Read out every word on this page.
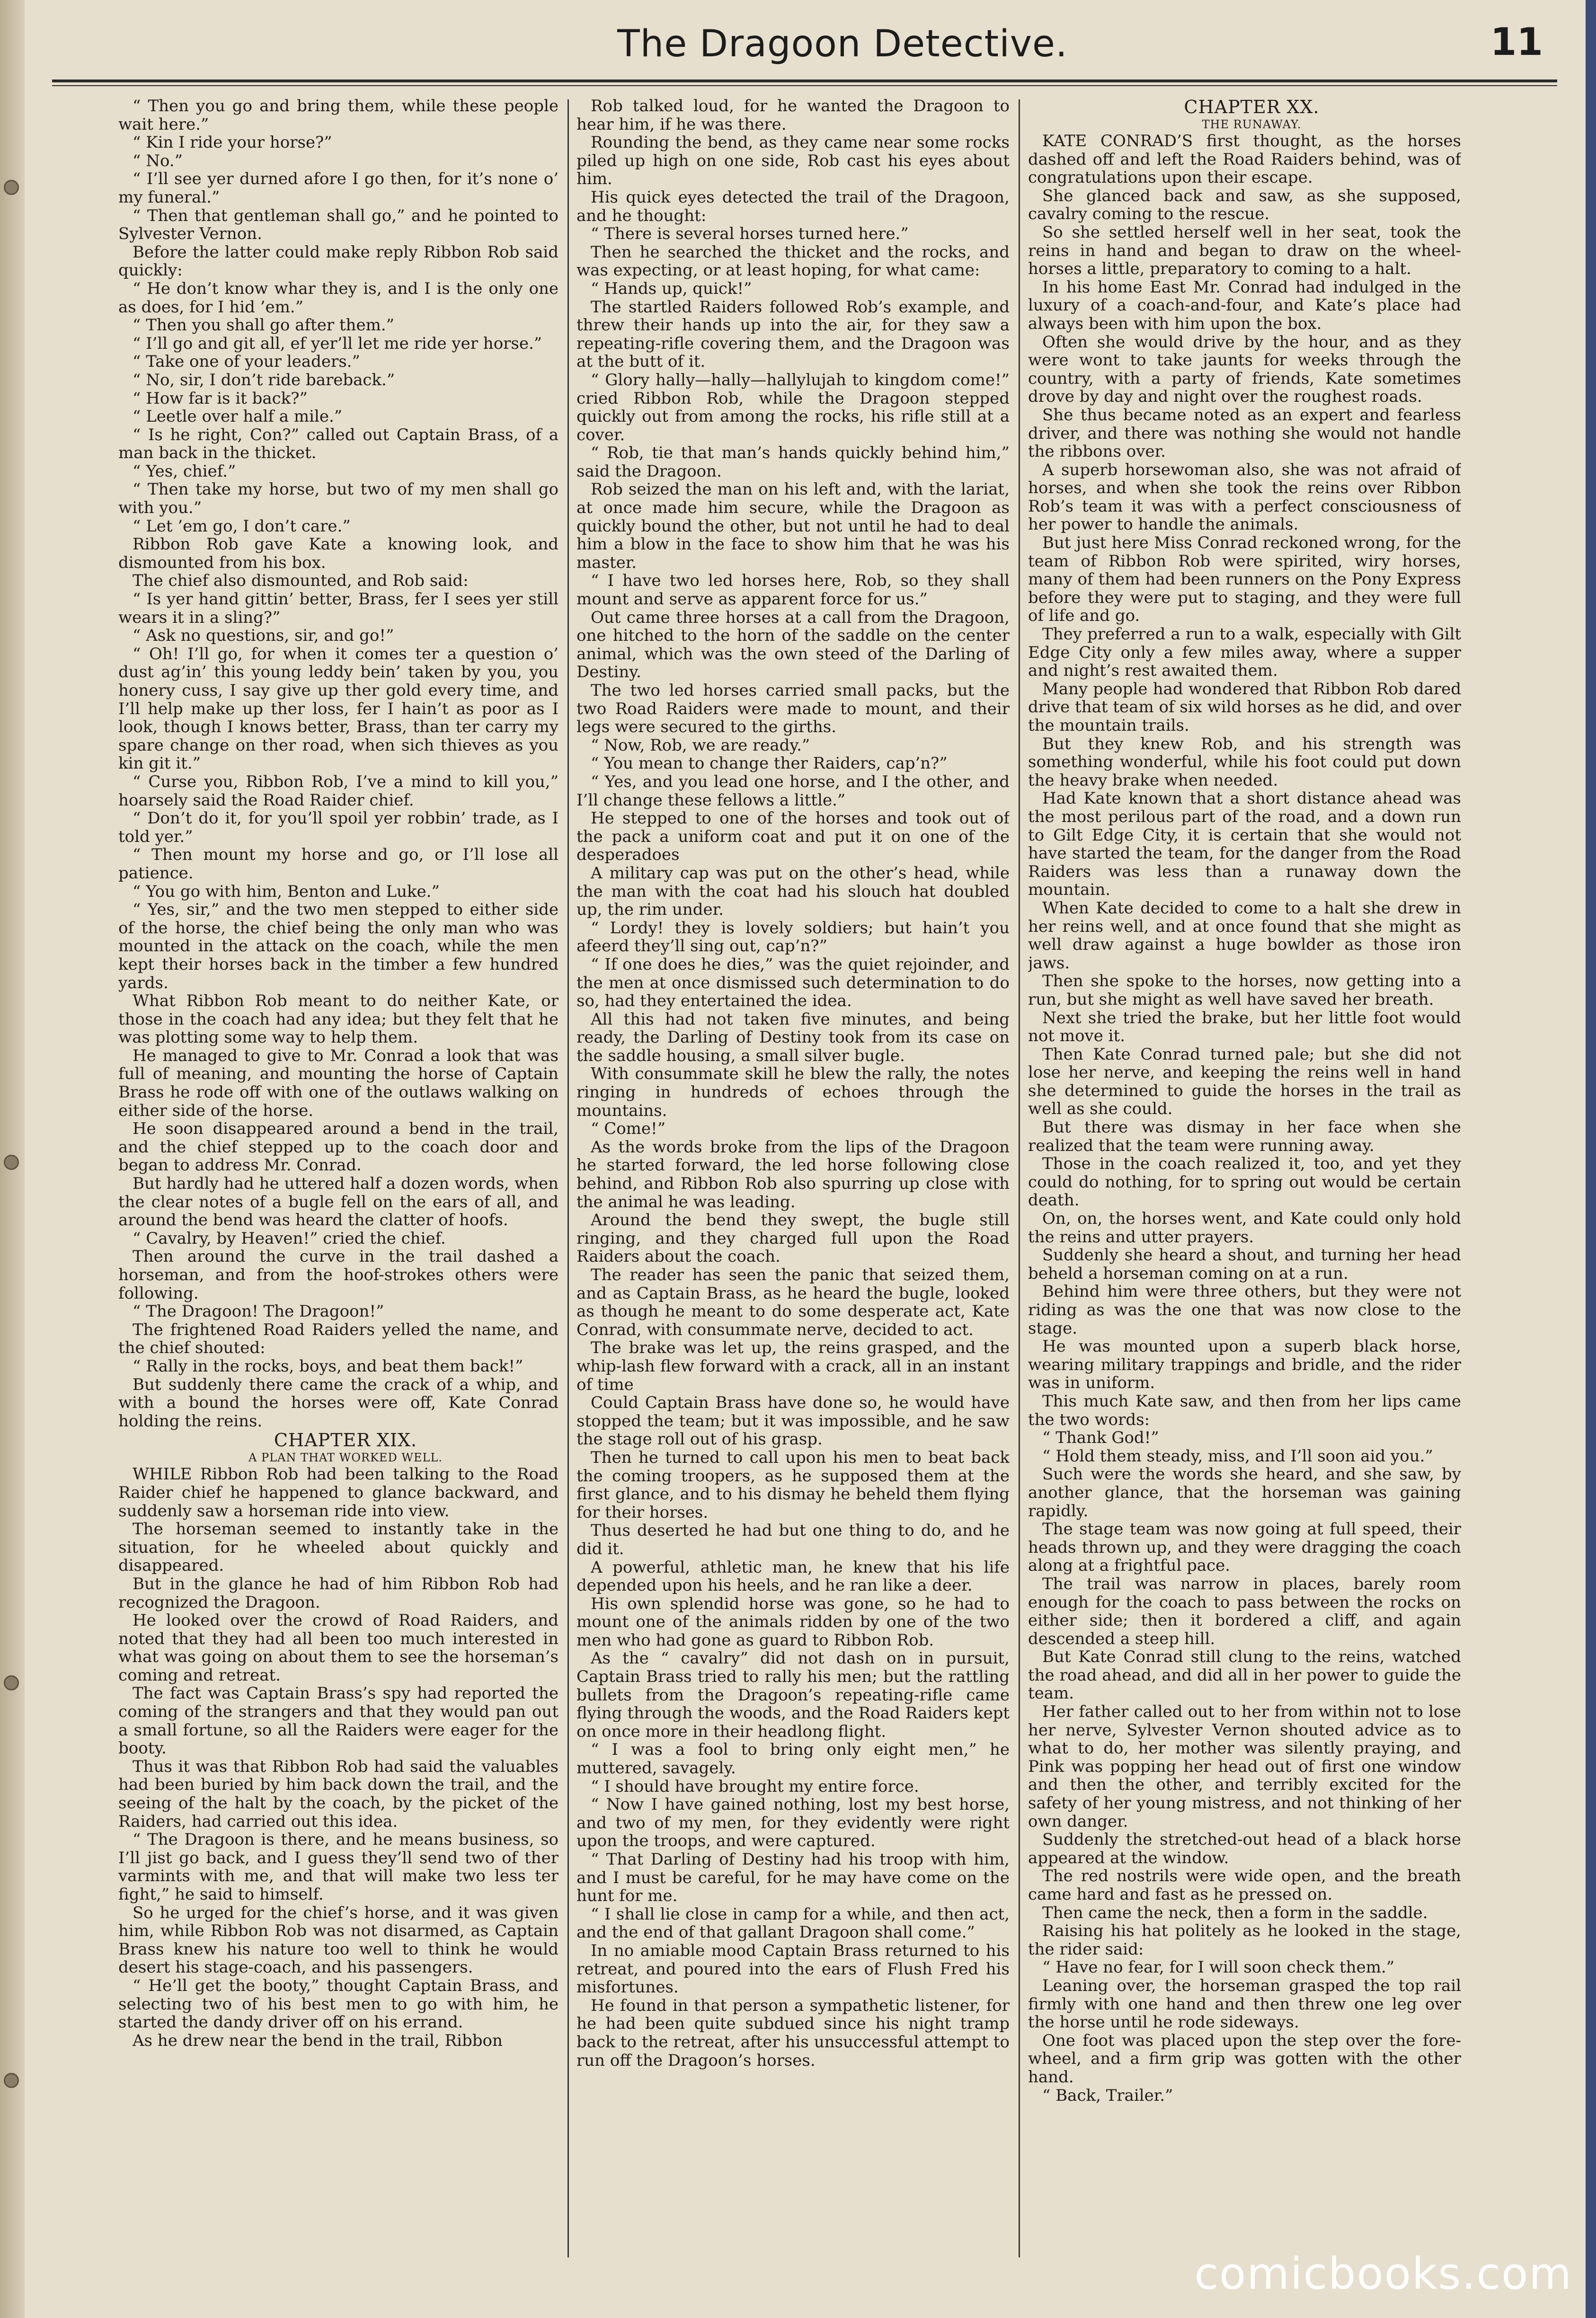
The Dragoon Detective.	11

“ Then you go and bring them, while these people wait here.”

“ Kin I ride your horse?”

“ No.”

“ I’ll see yer durned afore I go then, for it’s none o’ my funeral.”

“ Then that gentleman shall go,” and he pointed to Sylvester Vernon.

Before the latter could make reply Ribbon Rob said quickly:

“ He don’t know whar they is, and I is the only one as does, for I hid ’em.”

“ Then you shall go after them.”

“ I’ll go and git all, ef yer’ll let me ride yer horse.”

“ Take one of your leaders.”

“ No, sir, I don’t ride bareback.”

“ How far is it back?”

“ Leetle over half a mile.”

“ Is he right, Con?” called out Captain Brass, of a man back in the thicket.

“ Yes, chief.”

“ Then take my horse, but two of my men shall go with you.”

“ Let ’em go, I don’t care.”

Ribbon Rob gave Kate a knowing look, and dismounted from his box.

The chief also dismounted, and Rob said:

“ Is yer hand gittin’ better, Brass, fer I sees yer still wears it in a sling?”

“ Ask no questions, sir, and go!”

“ Oh! I’ll go, for when it comes ter a question o’ dust ag’in’ this young leddy bein’ taken by you, you honery cuss, I say give up ther gold every time, and I’ll help make up ther loss, fer I hain’t as poor as I look, though I knows better, Brass, than ter carry my spare change on ther road, when sich thieves as you kin git it.”

“ Curse you, Ribbon Rob, I’ve a mind to kill you,” hoarsely said the Road Raider chief.

“ Don’t do it, for you’ll spoil yer robbin’ trade, as I told yer.”

“ Then mount my horse and go, or I’ll lose all patience.

“ You go with him, Benton and Luke.”

“ Yes, sir,” and the two men stepped to either side of the horse, the chief being the only man who was mounted in the attack on the coach, while the men kept their horses back in the timber a few hundred yards.

What Ribbon Rob meant to do neither Kate, or those in the coach had any idea; but they felt that he was plotting some way to help them.

He managed to give to Mr. Conrad a look that was full of meaning, and mounting the horse of Captain Brass he rode off with one of the outlaws walking on either side of the horse.

He soon disappeared around a bend in the trail, and the chief stepped up to the coach door and began to address Mr. Conrad.

But hardly had he uttered half a dozen words, when the clear notes of a bugle fell on the ears of all, and around the bend was heard the clatter of hoofs.

“ Cavalry, by Heaven!” cried the chief.

Then around the curve in the trail dashed a horseman, and from the hoof-strokes others were following.

“ The Dragoon! The Dragoon!”

The frightened Road Raiders yelled the name, and the chief shouted:

“ Rally in the rocks, boys, and beat them back!”

But suddenly there came the crack of a whip, and with a bound the horses were off, Kate Conrad holding the reins.

CHAPTER XIX.

A PLAN THAT WORKED WELL.

WHILE Ribbon Rob had been talking to the Road Raider chief he happened to glance backward, and suddenly saw a horseman ride into view.

The horseman seemed to instantly take in the situation, for he wheeled about quickly and disappeared.

But in the glance he had of him Ribbon Rob had recognized the Dragoon.

He looked over the crowd of Road Raiders, and noted that they had all been too much interested in what was going on about them to see the horseman’s coming and retreat.

The fact was Captain Brass’s spy had reported the coming of the strangers and that they would pan out a small fortune, so all the Raiders were eager for the booty.

Thus it was that Ribbon Rob had said the valuables had been buried by him back down the trail, and the seeing of the halt by the coach, by the picket of the Raiders, had carried out this idea.

“ The Dragoon is there, and he means business, so I’ll jist go back, and I guess they’ll send two of ther varmints with me, and that will make two less ter fight,” he said to himself.

So he urged for the chief’s horse, and it was given him, while Ribbon Rob was not disarmed, as Captain Brass knew his nature too well to think he would desert his stage-coach, and his passengers.

“ He’ll get the booty,” thought Captain Brass, and selecting two of his best men to go with him, he started the dandy driver off on his errand.

As he drew near the bend in the trail, Ribbon

Rob talked loud, for he wanted the Dragoon to hear him, if he was there.

Rounding the bend, as they came near some rocks piled up high on one side, Rob cast his eyes about him.

His quick eyes detected the trail of the Dragoon, and he thought:

“ There is several horses turned here.”

Then he searched the thicket and the rocks, and was expecting, or at least hoping, for what came:

“ Hands up, quick!”

The startled Raiders followed Rob’s example, and threw their hands up into the air, for they saw a repeating-rifle covering them, and the Dragoon was at the butt of it.

“ Glory hally—hally—hallylujah to kingdom come!” cried Ribbon Rob, while the Dragoon stepped quickly out from among the rocks, his rifle still at a cover.

“ Rob, tie that man’s hands quickly behind him,” said the Dragoon.

Rob seized the man on his left and, with the lariat, at once made him secure, while the Dragoon as quickly bound the other, but not until he had to deal him a blow in the face to show him that he was his master.

“ I have two led horses here, Rob, so they shall mount and serve as apparent force for us.”

Out came three horses at a call from the Dragoon, one hitched to the horn of the saddle on the center animal, which was the own steed of the Darling of Destiny.

The two led horses carried small packs, but the two Road Raiders were made to mount, and their legs were secured to the girths.

“ Now, Rob, we are ready.”

“ You mean to change ther Raiders, cap’n?”

“ Yes, and you lead one horse, and I the other, and I’ll change these fellows a little.”

He stepped to one of the horses and took out of the pack a uniform coat and put it on one of the desperadoes

A military cap was put on the other’s head, while the man with the coat had his slouch hat doubled up, the rim under.

“ Lordy! they is lovely soldiers; but hain’t you afeerd they’ll sing out, cap’n?”

“ If one does he dies,” was the quiet rejoinder, and the men at once dismissed such determination to do so, had they entertained the idea.

All this had not taken five minutes, and being ready, the Darling of Destiny took from its case on the saddle housing, a small silver bugle.

With consummate skill he blew the rally, the notes ringing in hundreds of echoes through the mountains.

“ Come!”

As the words broke from the lips of the Dragoon he started forward, the led horse following close behind, and Ribbon Rob also spurring up close with the animal he was leading.

Around the bend they swept, the bugle still ringing, and they charged full upon the Road Raiders about the coach.

The reader has seen the panic that seized them, and as Captain Brass, as he heard the bugle, looked as though he meant to do some desperate act, Kate Conrad, with consummate nerve, decided to act.

The brake was let up, the reins grasped, and the whip-lash flew forward with a crack, all in an instant of time

Could Captain Brass have done so, he would have stopped the team; but it was impossible, and he saw the stage roll out of his grasp.

Then he turned to call upon his men to beat back the coming troopers, as he supposed them at the first glance, and to his dismay he beheld them flying for their horses.

Thus deserted he had but one thing to do, and he did it.

A powerful, athletic man, he knew that his life depended upon his heels, and he ran like a deer.

His own splendid horse was gone, so he had to mount one of the animals ridden by one of the two men who had gone as guard to Ribbon Rob.

As the “ cavalry” did not dash on in pursuit, Captain Brass tried to rally his men; but the rattling bullets from the Dragoon’s repeating-rifle came flying through the woods, and the Road Raiders kept on once more in their headlong flight.

“ I was a fool to bring only eight men,” he muttered, savagely.

“ I should have brought my entire force.

“ Now I have gained nothing, lost my best horse, and two of my men, for they evidently were right upon the troops, and were captured.

“ That Darling of Destiny had his troop with him, and I must be careful, for he may have come on the hunt for me.

“ I shall lie close in camp for a while, and then act, and the end of that gallant Dragoon shall come.”

In no amiable mood Captain Brass returned to his retreat, and poured into the ears of Flush Fred his misfortunes.

He found in that person a sympathetic listener, for he had been quite subdued since his night tramp back to the retreat, after his unsuccessful attempt to run off the Dragoon’s horses.

CHAPTER XX.

THE RUNAWAY.

KATE CONRAD’S first thought, as the horses dashed off and left the Road Raiders behind, was of congratulations upon their escape.

She glanced back and saw, as she supposed, cavalry coming to the rescue.

So she settled herself well in her seat, took the reins in hand and began to draw on the wheel-horses a little, preparatory to coming to a halt.

In his home East Mr. Conrad had indulged in the luxury of a coach-and-four, and Kate’s place had always been with him upon the box.

Often she would drive by the hour, and as they were wont to take jaunts for weeks through the country, with a party of friends, Kate sometimes drove by day and night over the roughest roads.

She thus became noted as an expert and fearless driver, and there was nothing she would not handle the ribbons over.

A superb horsewoman also, she was not afraid of horses, and when she took the reins over Ribbon Rob’s team it was with a perfect consciousness of her power to handle the animals.

But just here Miss Conrad reckoned wrong, for the team of Ribbon Rob were spirited, wiry horses, many of them had been runners on the Pony Express before they were put to staging, and they were full of life and go.

They preferred a run to a walk, especially with Gilt Edge City only a few miles away, where a supper and night’s rest awaited them.

Many people had wondered that Ribbon Rob dared drive that team of six wild horses as he did, and over the mountain trails.

But they knew Rob, and his strength was something wonderful, while his foot could put down the heavy brake when needed.

Had Kate known that a short distance ahead was the most perilous part of the road, and a down run to Gilt Edge City, it is certain that she would not have started the team, for the danger from the Road Raiders was less than a runaway down the mountain.

When Kate decided to come to a halt she drew in her reins well, and at once found that she might as well draw against a huge bowlder as those iron jaws.

Then she spoke to the horses, now getting into a run, but she might as well have saved her breath.

Next she tried the brake, but her little foot would not move it.

Then Kate Conrad turned pale; but she did not lose her nerve, and keeping the reins well in hand she determined to guide the horses in the trail as well as she could.

But there was dismay in her face when she realized that the team were running away.

Those in the coach realized it, too, and yet they could do nothing, for to spring out would be certain death.

On, on, the horses went, and Kate could only hold the reins and utter prayers.

Suddenly she heard a shout, and turning her head beheld a horseman coming on at a run.

Behind him were three others, but they were not riding as was the one that was now close to the stage.

He was mounted upon a superb black horse, wearing military trappings and bridle, and the rider was in uniform.

This much Kate saw, and then from her lips came the two words:

“ Thank God!”

“ Hold them steady, miss, and I’ll soon aid you.”

Such were the words she heard, and she saw, by another glance, that the horseman was gaining rapidly.

The stage team was now going at full speed, their heads thrown up, and they were dragging the coach along at a frightful pace.

The trail was narrow in places, barely room enough for the coach to pass between the rocks on either side; then it bordered a cliff, and again descended a steep hill.

But Kate Conrad still clung to the reins, watched the road ahead, and did all in her power to guide the team.

Her father called out to her from within not to lose her nerve, Sylvester Vernon shouted advice as to what to do, her mother was silently praying, and Pink was popping her head out of first one window and then the other, and terribly excited for the safety of her young mistress, and not thinking of her own danger.

Suddenly the stretched-out head of a black horse appeared at the window.

The red nostrils were wide open, and the breath came hard and fast as he pressed on.

Then came the neck, then a form in the saddle.

Raising his hat politely as he looked in the stage, the rider said:

“ Have no fear, for I will soon check them.”

Leaning over, the horseman grasped the top rail firmly with one hand and then threw one leg over the horse until he rode sideways.

One foot was placed upon the step over the fore-wheel, and a firm grip was gotten with the other hand.

“ Back, Trailer.”

comicbooks.com
